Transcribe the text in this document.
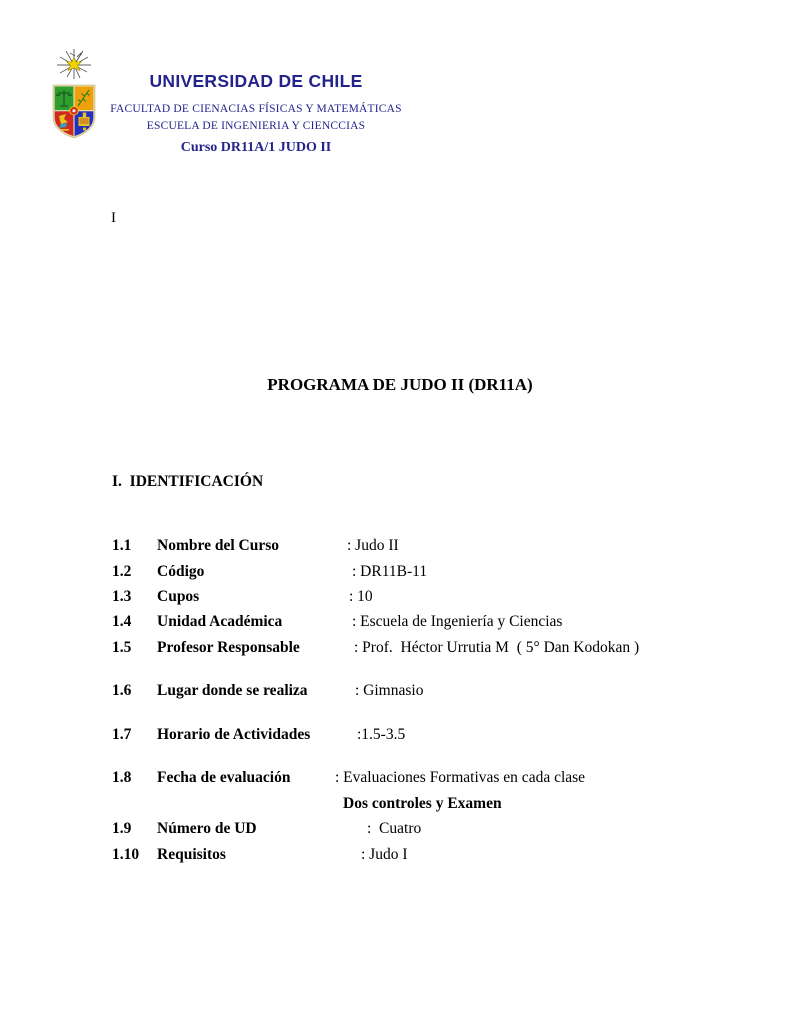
UNIVERSIDAD DE CHILE
FACULTAD DE CIENACIAS FÍSICAS Y MATEMÁTICAS
ESCUELA DE INGENIERIA Y CIENCCIAS
Curso DR11A/1 JUDO II
I
PROGRAMA DE JUDO II (DR11A)
I.  IDENTIFICACIÓN
1.1 Nombre del Curso	: Judo II
1.2 Código	: DR11B-11
1.3 Cupos	: 10
1.4 Unidad Académica	: Escuela de Ingeniería y Ciencias
1.5 Profesor Responsable	: Prof.  Héctor Urrutia M  ( 5° Dan Kodokan )
1.6 Lugar donde se realiza	: Gimnasio
1.7 Horario de Actividades	:1.5-3.5
1.8 Fecha de evaluación	: Evaluaciones Formativas en cada clase
Dos controles y Examen
1.9 Número de UD	:  Cuatro
1.10 Requisitos	: Judo I
